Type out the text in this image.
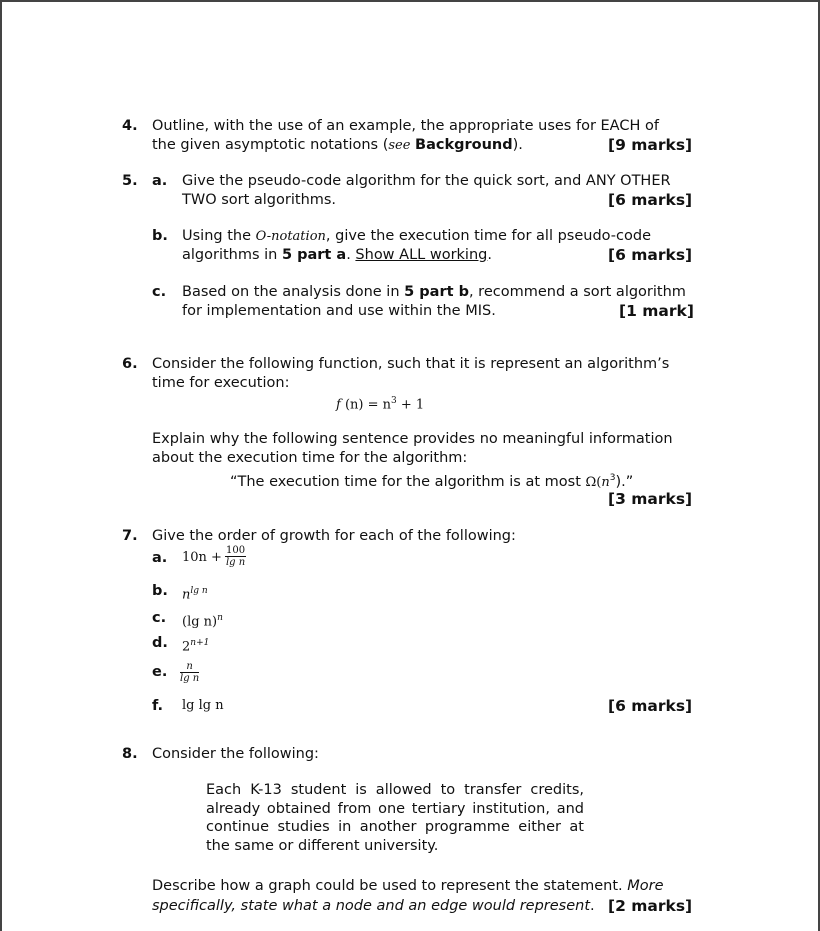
4. Outline, with the use of an example, the appropriate uses for EACH of
the given asymptotic notations (see Background).	[9 marks]
5. a. Give the pseudo-code algorithm for the quick sort, and ANY OTHER
TWO sort algorithms.	[6 marks]
b. Using the O-notation, give the execution time for all pseudo-code
algorithms in 5 part a. Show ALL working.	[6 marks]
c. Based on the analysis done in 5 part b, recommend a sort algorithm
for implementation and use within the MIS.	[1 mark]
6. Consider the following function, such that it is represent an algorithm’s
time for execution:
f $(n) = n^3 + 1$
Explain why the following sentence provides no meaningful information
about the execution time for the algorithm:
“The execution time for the algorithm is at most $\Omega(n^3)$.”
[3 marks]
7. Give the order of growth for each of the following:
a. $10n + \frac{100}{\text{lg n}}$
b. $n^{lg n}$
c. (lg n)$^n$
d. $2^{n+1}$
e. $\frac{n}{\text{lg n}}$
f. lg lg n	[6 marks]
8. Consider the following:
Each K-13 student is allowed to transfer credits, already obtained from one tertiary institution, and continue studies in another programme either at the same or different university.
Describe how a graph could be used to represent the statement. More
specifically, state what a node and an edge would represent. [2 marks]
